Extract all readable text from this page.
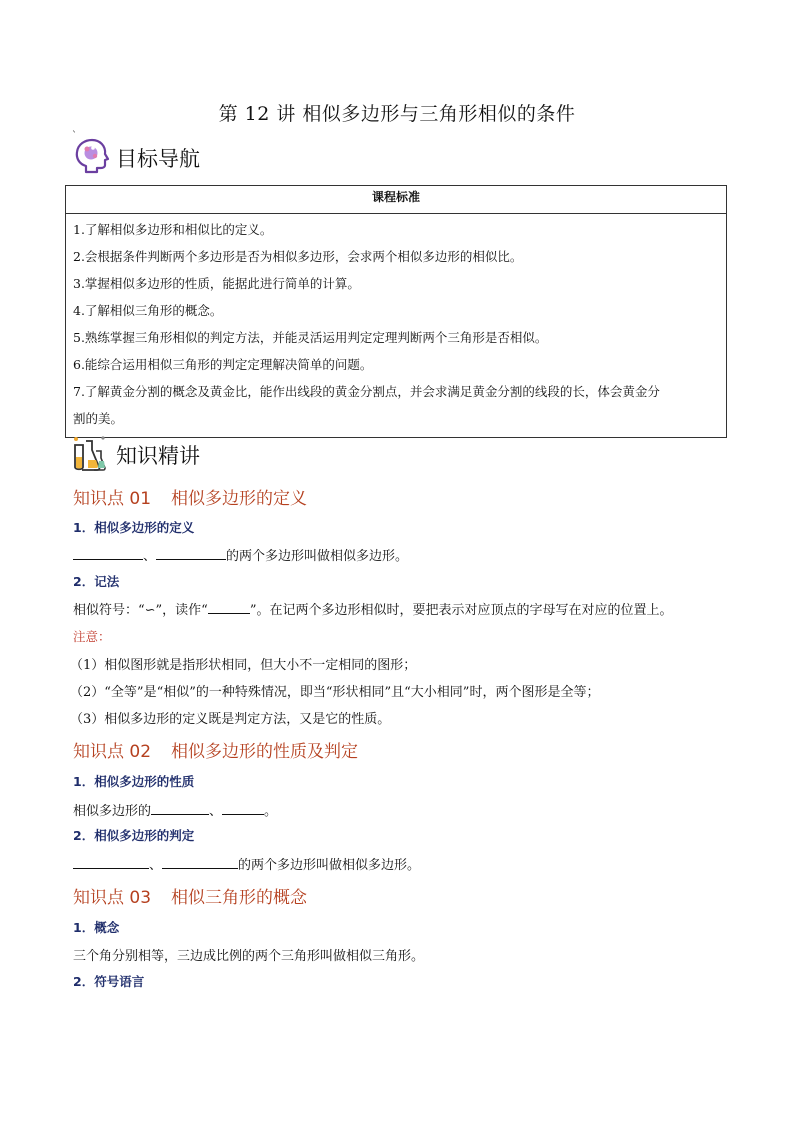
第 12 讲 相似多边形与三角形相似的条件
`
目标导航
课程标准
1.了解相似多边形和相似比的定义。
2.会根据条件判断两个多边形是否为相似多边形，会求两个相似多边形的相似比。
3.掌握相似多边形的性质，能据此进行简单的计算。
4.了解相似三角形的概念。
5.熟练掌握三角形相似的判定方法，并能灵活运用判定定理判断两个三角形是否相似。
6.能综合运用相似三角形的判定定理解决简单的问题。
7.了解黄金分割的概念及黄金比，能作出线段的黄金分割点，并会求满足黄金分割的线段的长，体会黄金分
割的美。
知识精讲
知识点 01 相似多边形的定义
1．相似多边形的定义
、	的两个多边形叫做相似多边形。
2．记法
相似符号：“∽”，读作“	”。在记两个多边形相似时，要把表示对应顶点的字母写在对应的位置上。
注意：
（1）相似图形就是指形状相同，但大小不一定相同的图形；
（2）“全等”是“相似”的一种特殊情况，即当“形状相同”且“大小相同”时，两个图形是全等；
（3）相似多边形的定义既是判定方法，又是它的性质。
知识点 02 相似多边形的性质及判定
1．相似多边形的性质
相似多边形的	、	。
2．相似多边形的判定
、	的两个多边形叫做相似多边形。
知识点 03 相似三角形的概念
1．概念
三个角分别相等，三边成比例的两个三角形叫做相似三角形。
2．符号语言
